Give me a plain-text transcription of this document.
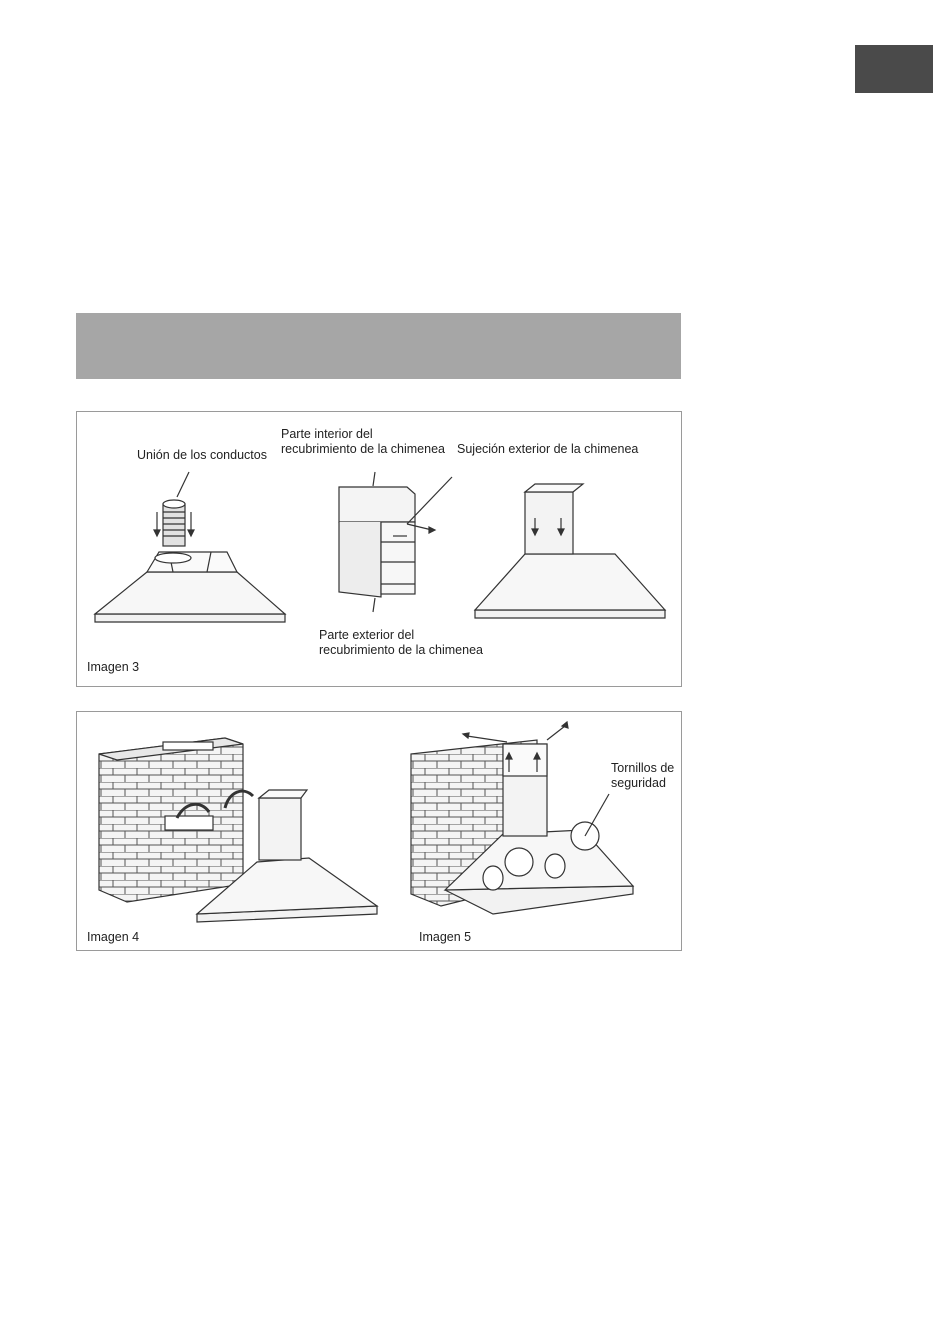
Unión de los conductos
Parte interior del
recubrimiento de la chimenea Sujeción exterior de la chimenea
Parte exterior del
recubrimiento de la chimenea
Imagen 3
Imagen 4	Imagen 5
Tornillos de
seguridad
